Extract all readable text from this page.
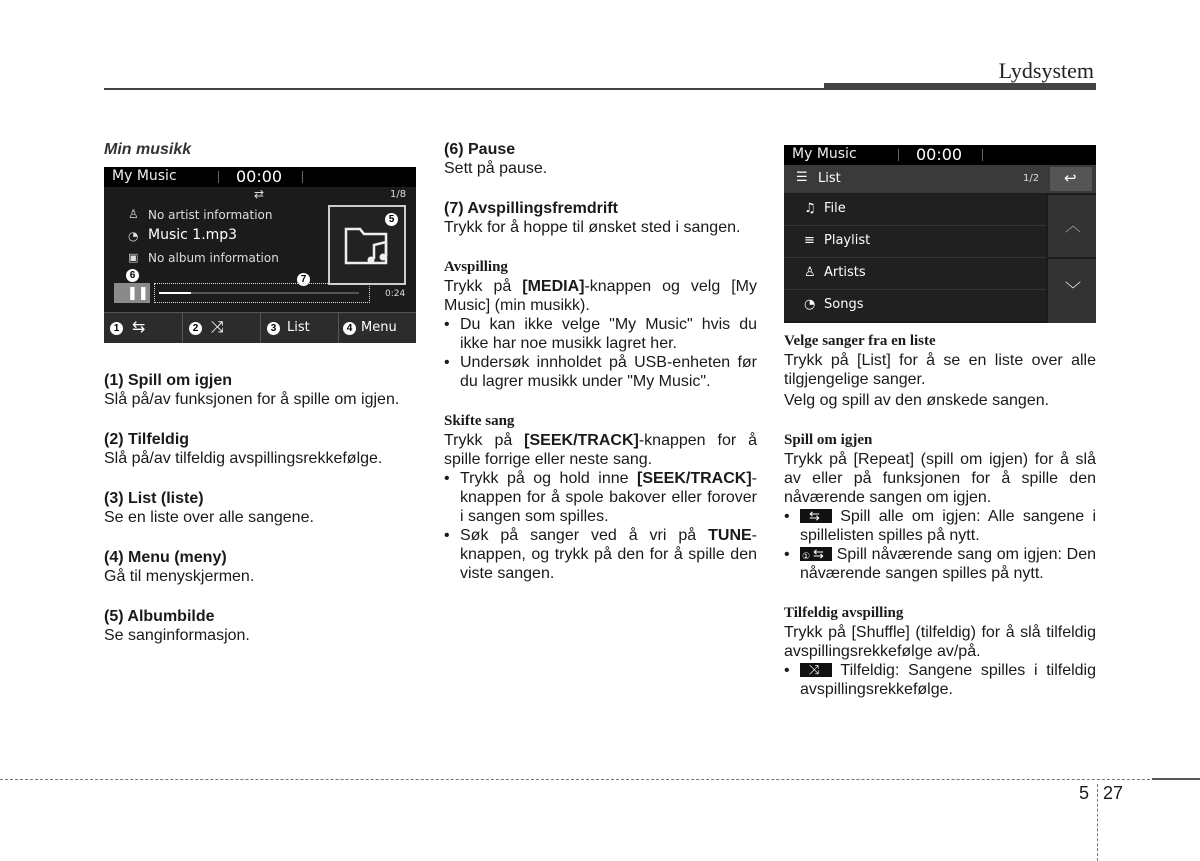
Lydsystem

Min musikk

My Music	00:00
⇄	1/8
♙ No artist information
◔ Music 1.mp3
▣ No album information
5
6	7
❚❚	0:24
1 ⇆	2 ⤨	3 List	4 Menu

(1) Spill om igjen

Slå på/av funksjonen for å spille om igjen.

(2) Tilfeldig

Slå på/av tilfeldig avspillingsrekkefølge.

(3) List (liste)

Se en liste over alle sangene.

(4) Menu (meny)

Gå til menyskjermen.

(5) Albumbilde

Se sanginformasjon.

(6) Pause

Sett på pause.

(7) Avspillingsfremdrift

Trykk for å hoppe til ønsket sted i sangen.

Avspilling

Trykk på [MEDIA]-knappen og velg [My Music] (min musikk).

• Du kan ikke velge "My Music" hvis du ikke har noe musikk lagret her.
• Undersøk innholdet på USB-enheten før du lagrer musikk under "My Music".

Skifte sang

Trykk på [SEEK/TRACK]-knappen for å spille forrige eller neste sang.

• Trykk på og hold inne [SEEK/TRACK]-knappen for å spole bakover eller forover i sangen som spilles.
• Søk på sanger ved å vri på TUNE-knappen, og trykk på den for å spille den viste sangen.
My Music	00:00
☰ List	1/2 ↩
♫ File
≡ Playlist
♙ Artists
◔ Songs
︿
﹀

Velge sanger fra en liste

Trykk på [List] for å se en liste over alle tilgjengelige sanger.

Velg og spill av den ønskede sangen.

Spill om igjen

Trykk på [Repeat] (spill om igjen) for å slå av eller på funksjonen for å spille den nåværende sangen om igjen.

•	⇆ Spill alle om igjen: Alle sangene i spillelisten spilles på nytt.
•	① ⇆ Spill nåværende sang om igjen: Den nåværende sangen spilles på nytt.

Tilfeldig avspilling

Trykk på [Shuffle] (tilfeldig) for å slå tilfeldig avspillingsrekkefølge av/på.

•	⤨ Tilfeldig: Sangene spilles i tilfeldig avspillingsrekkefølge.
5 27
